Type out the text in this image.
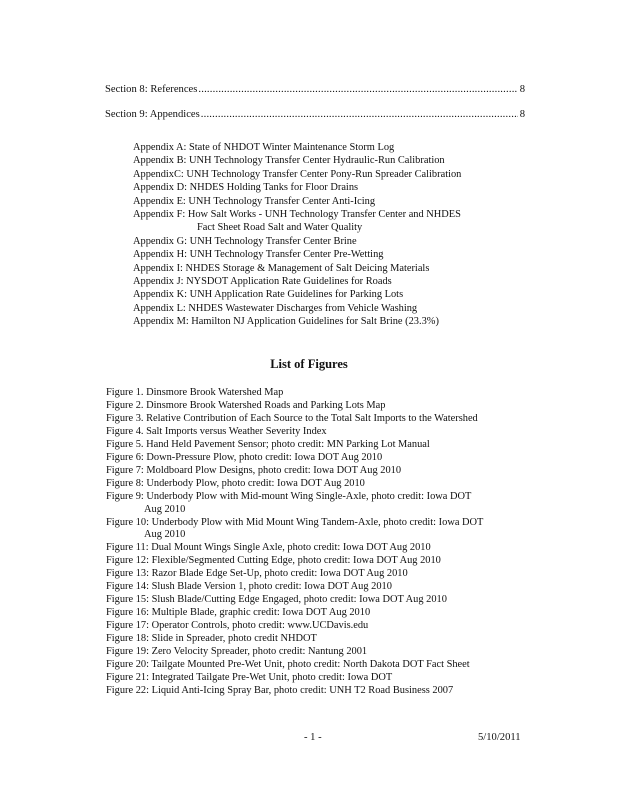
Section 8: References .....	8
Section 9: Appendices .....	8
Appendix A: State of NHDOT Winter Maintenance Storm Log
Appendix B: UNH Technology Transfer Center Hydraulic-Run Calibration
AppendixC: UNH Technology Transfer Center Pony-Run Spreader Calibration
Appendix D: NHDES Holding Tanks for Floor Drains
Appendix E: UNH Technology Transfer Center Anti-Icing
Appendix F: How Salt Works - UNH Technology Transfer Center and NHDES
Fact Sheet Road Salt and Water Quality
Appendix G: UNH Technology Transfer Center Brine
Appendix H: UNH Technology Transfer Center Pre-Wetting
Appendix I: NHDES Storage & Management of Salt Deicing Materials
Appendix J: NYSDOT Application Rate Guidelines for Roads
Appendix K: UNH Application Rate Guidelines for Parking Lots
Appendix L: NHDES Wastewater Discharges from Vehicle Washing
Appendix M: Hamilton NJ Application Guidelines for Salt Brine (23.3%)
List of Figures
Figure 1. Dinsmore Brook Watershed Map
Figure 2. Dinsmore Brook Watershed Roads and Parking Lots Map
Figure 3. Relative Contribution of Each Source to the Total Salt Imports to the Watershed
Figure 4. Salt Imports versus Weather Severity Index
Figure 5. Hand Held Pavement Sensor; photo credit: MN Parking Lot Manual
Figure 6: Down-Pressure Plow, photo credit: Iowa DOT Aug 2010
Figure 7: Moldboard Plow Designs, photo credit: Iowa DOT Aug 2010
Figure 8: Underbody Plow, photo credit: Iowa DOT Aug 2010
Figure 9: Underbody Plow with Mid-mount Wing Single-Axle, photo credit: Iowa DOT
Aug 2010
Figure 10: Underbody Plow with Mid Mount Wing Tandem-Axle, photo credit: Iowa DOT
Aug 2010
Figure 11: Dual Mount Wings Single Axle, photo credit: Iowa DOT Aug 2010
Figure 12: Flexible/Segmented Cutting Edge, photo credit: Iowa DOT Aug 2010
Figure 13: Razor Blade Edge Set-Up, photo credit: Iowa DOT Aug 2010
Figure 14: Slush Blade Version 1, photo credit: Iowa DOT Aug 2010
Figure 15: Slush Blade/Cutting Edge Engaged, photo credit: Iowa DOT Aug 2010
Figure 16: Multiple Blade, graphic credit: Iowa DOT Aug 2010
Figure 17: Operator Controls, photo credit: www.UCDavis.edu
Figure 18: Slide in Spreader, photo credit NHDOT
Figure 19: Zero Velocity Spreader, photo credit: Nantung 2001
Figure 20: Tailgate Mounted Pre-Wet Unit, photo credit: North Dakota DOT Fact Sheet
Figure 21: Integrated Tailgate Pre-Wet Unit, photo credit: Iowa DOT
Figure 22: Liquid Anti-Icing Spray Bar, photo credit: UNH T2 Road Business 2007
- 1 -	5/10/2011
